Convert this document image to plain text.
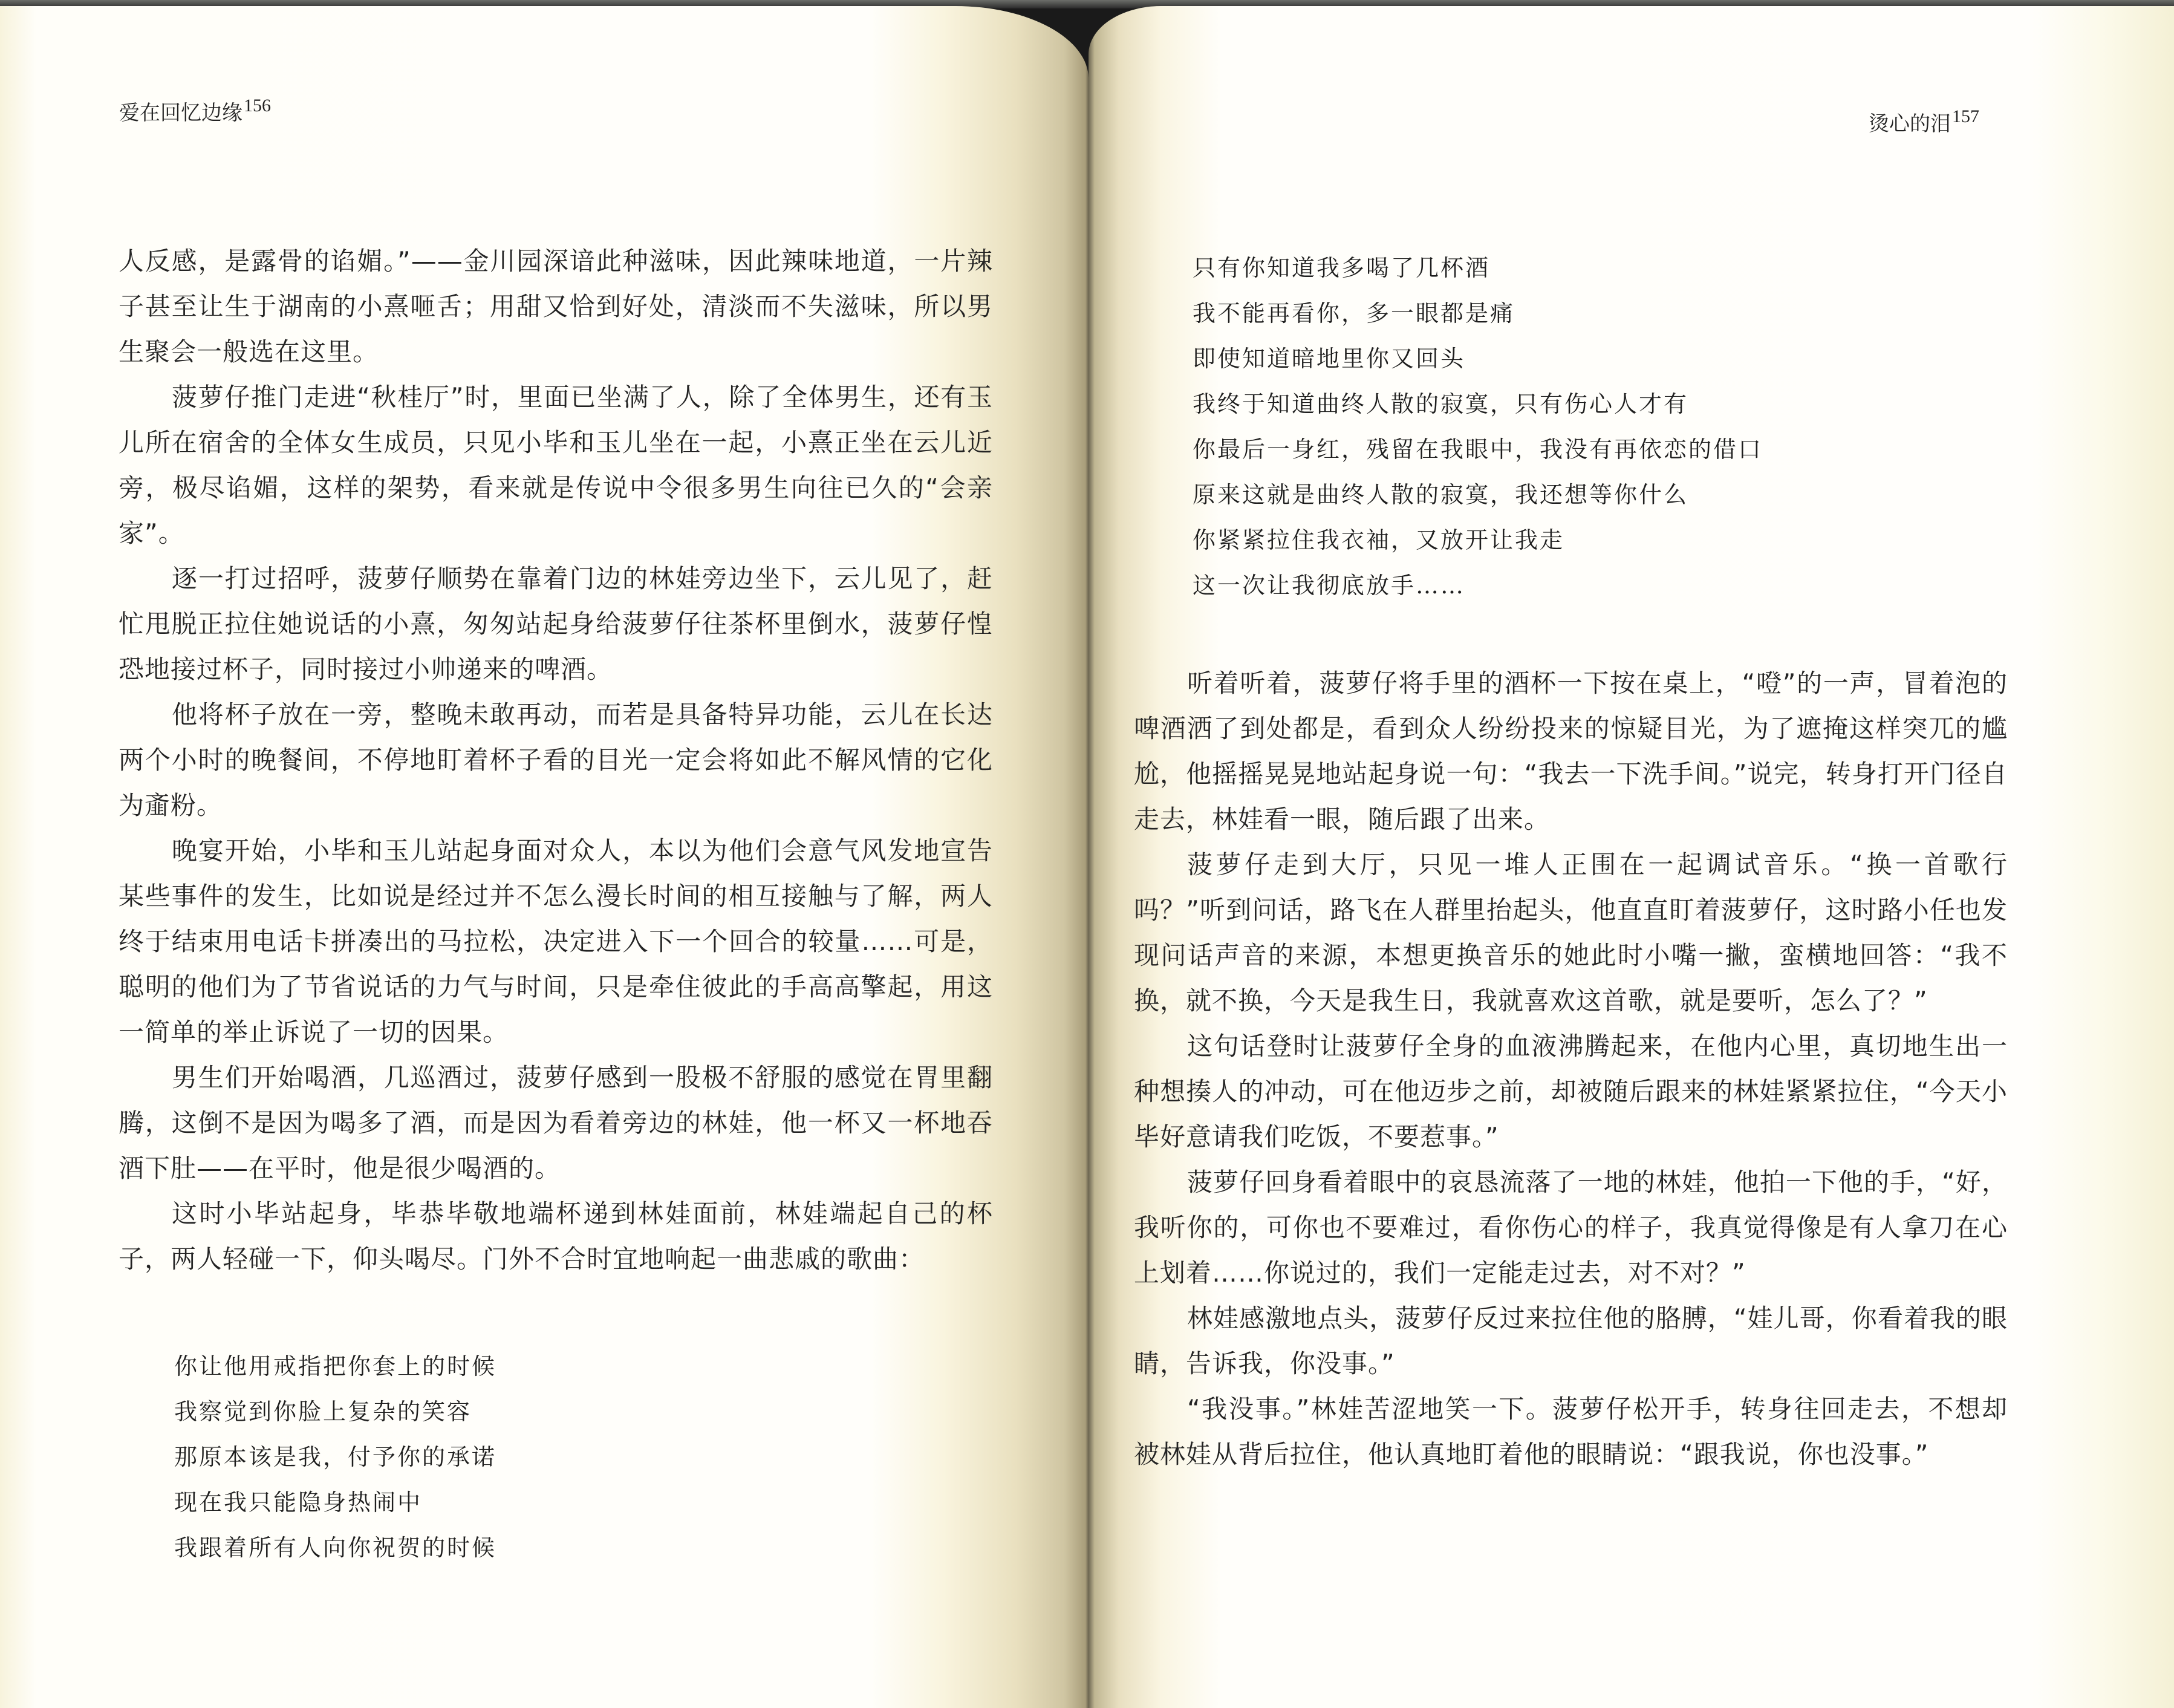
爱在回忆边缘$^{156}$

人反感，是露骨的谄媚。”——金川园深谙此种滋味，因此辣味地道，一片辣子甚至让生于湖南的小熹咂舌；用甜又恰到好处，清淡而不失滋味，所以男生聚会一般选在这里。

菠萝仔推门走进“秋桂厅”时，里面已坐满了人，除了全体男生，还有玉儿所在宿舍的全体女生成员，只见小毕和玉儿坐在一起，小熹正坐在云儿近旁，极尽谄媚，这样的架势，看来就是传说中令很多男生向往已久的“会亲家”。

逐一打过招呼，菠萝仔顺势在靠着门边的林娃旁边坐下，云儿见了，赶忙甩脱正拉住她说话的小熹，匆匆站起身给菠萝仔往茶杯里倒水，菠萝仔惶恐地接过杯子，同时接过小帅递来的啤酒。

他将杯子放在一旁，整晚未敢再动，而若是具备特异功能，云儿在长达两个小时的晚餐间，不停地盯着杯子看的目光一定会将如此不解风情的它化为齑粉。

晚宴开始，小毕和玉儿站起身面对众人，本以为他们会意气风发地宣告某些事件的发生，比如说是经过并不怎么漫长时间的相互接触与了解，两人终于结束用电话卡拼凑出的马拉松，决定进入下一个回合的较量……可是，聪明的他们为了节省说话的力气与时间，只是牵住彼此的手高高擎起，用这一简单的举止诉说了一切的因果。

男生们开始喝酒，几巡酒过，菠萝仔感到一股极不舒服的感觉在胃里翻腾，这倒不是因为喝多了酒，而是因为看着旁边的林娃，他一杯又一杯地吞酒下肚——在平时，他是很少喝酒的。

这时小毕站起身，毕恭毕敬地端杯递到林娃面前，林娃端起自己的杯子，两人轻碰一下，仰头喝尽。门外不合时宜地响起一曲悲戚的歌曲：

你让他用戒指把你套上的时候
我察觉到你脸上复杂的笑容
那原本该是我，付予你的承诺
现在我只能隐身热闹中
我跟着所有人向你祝贺的时候
烫心的泪$^{157}$
只有你知道我多喝了几杯酒
我不能再看你，多一眼都是痛
即使知道暗地里你又回头
我终于知道曲终人散的寂寞，只有伤心人才有
你最后一身红，残留在我眼中，我没有再依恋的借口
原来这就是曲终人散的寂寞，我还想等你什么
你紧紧拉住我衣袖，又放开让我走
这一次让我彻底放手……

听着听着，菠萝仔将手里的酒杯一下按在桌上，“噔”的一声，冒着泡的啤酒洒了到处都是，看到众人纷纷投来的惊疑目光，为了遮掩这样突兀的尴尬，他摇摇晃晃地站起身说一句：“我去一下洗手间。”说完，转身打开门径自走去，林娃看一眼，随后跟了出来。

菠萝仔走到大厅，只见一堆人正围在一起调试音乐。“换一首歌行吗？”听到问话，路飞在人群里抬起头，他直直盯着菠萝仔，这时路小任也发现问话声音的来源，本想更换音乐的她此时小嘴一撇，蛮横地回答：“我不换，就不换，今天是我生日，我就喜欢这首歌，就是要听，怎么了？”

这句话登时让菠萝仔全身的血液沸腾起来，在他内心里，真切地生出一种想揍人的冲动，可在他迈步之前，却被随后跟来的林娃紧紧拉住，“今天小毕好意请我们吃饭，不要惹事。”

菠萝仔回身看着眼中的哀恳流落了一地的林娃，他拍一下他的手，“好，我听你的，可你也不要难过，看你伤心的样子，我真觉得像是有人拿刀在心上划着……你说过的，我们一定能走过去，对不对？”

林娃感激地点头，菠萝仔反过来拉住他的胳膊，“娃儿哥，你看着我的眼睛，告诉我，你没事。”

“我没事。”林娃苦涩地笑一下。菠萝仔松开手，转身往回走去，不想却被林娃从背后拉住，他认真地盯着他的眼睛说：“跟我说，你也没事。”
